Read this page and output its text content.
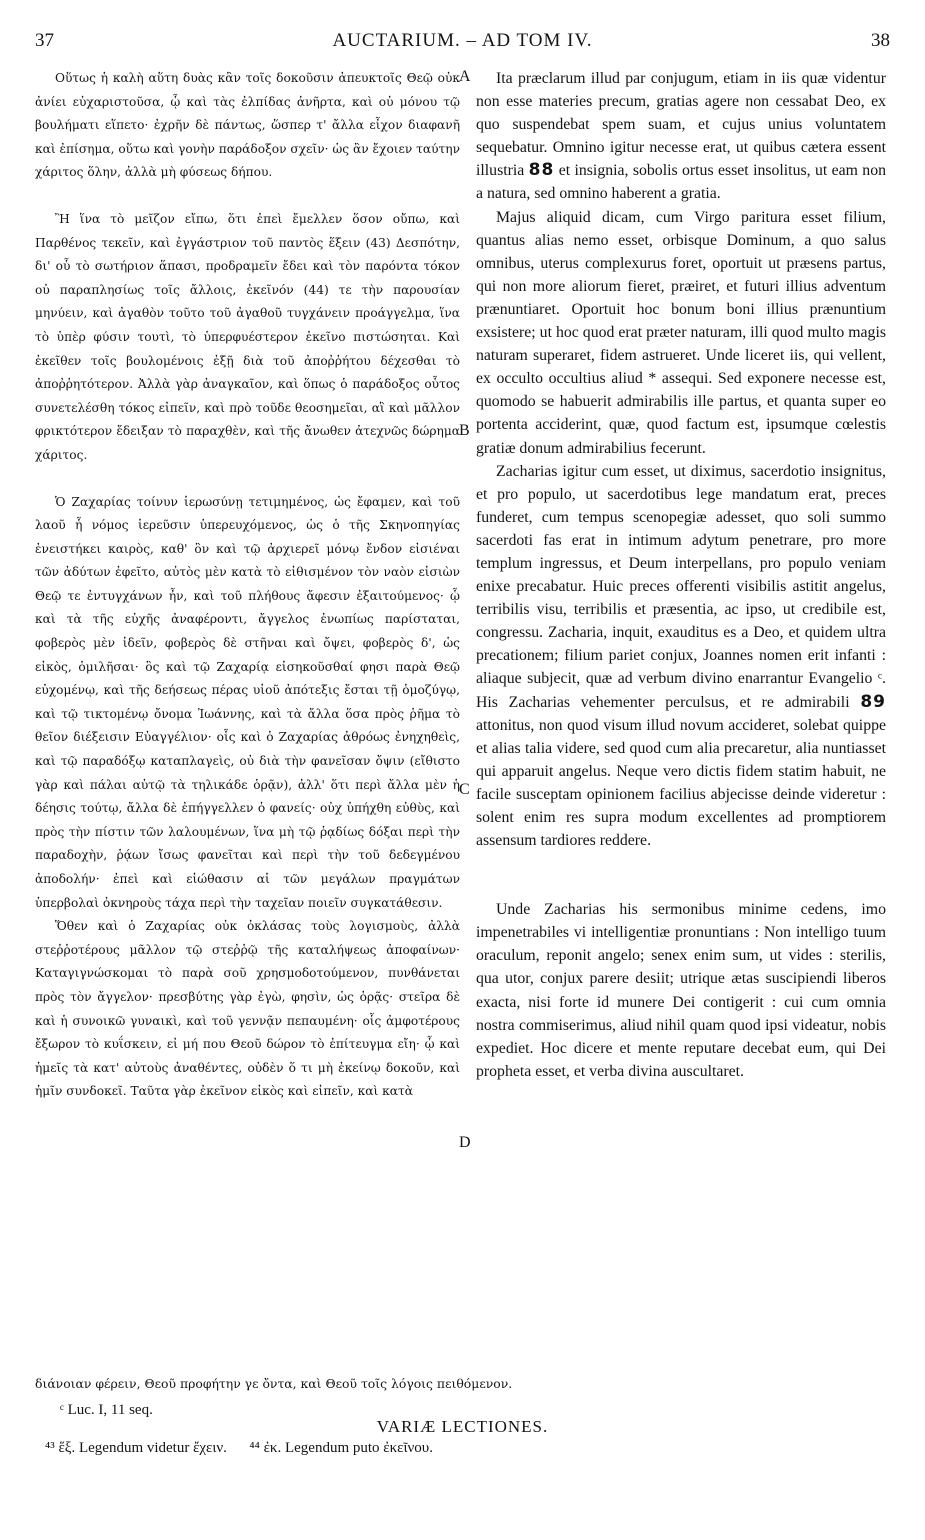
37	AUCTARIUM. – AD TOM IV.	38

Οὕτως ἡ καλὴ αὕτη δυὰς κἂν τοῖς δοκοῦσιν ἀπευκτοῖς Θεῷ οὐκ ἀνίει εὐχαριστοῦσα, ᾧ καὶ τὰς ἐλπίδας ἀνῆρτα, καὶ οὐ μόνου τῷ βουλήματι εἵπετο· ἐχρῆν δὲ πάντως, ὥσπερ τ' ἄλλα εἶχον διαφανῆ καὶ ἐπίσημα, οὕτω καὶ γονὴν παράδοξον σχεῖν· ὡς ἂν ἔχοιεν ταύτην χάριτος ὅλην, ἀλλὰ μὴ φύσεως δήπου.

Ἢ ἵνα τὸ μεῖζον εἴπω, ὅτι ἐπεὶ ἔμελλεν ὅσον οὔπω, καὶ Παρθένος τεκεῖν, καὶ ἐγγάστριον τοῦ παντὸς ἕξειν (43) Δεσπότην, δι' οὗ τὸ σωτήριον ἅπασι, προδραμεῖν ἔδει καὶ τὸν παρόντα τόκον οὐ παραπλησίως τοῖς ἄλλοις, ἐκεῖνόν (44) τε τὴν παρουσίαν μηνύειν, καὶ ἀγαθὸν τοῦτο τοῦ ἀγαθοῦ τυγχάνειν προάγγελμα, ἵνα τὸ ὑπὲρ φύσιν τουτὶ, τὸ ὑπερφυέστερον ἐκεῖνο πιστώσηται. Καὶ ἐκεῖθεν τοῖς βουλομένοις ἐξῇ διὰ τοῦ ἀποῤῥήτου δέχεσθαι τὸ ἀποῤῥητότερον. Ἀλλὰ γὰρ ἀναγκαῖον, καὶ ὅπως ὁ παράδοξος οὗτος συνετελέσθη τόκος εἰπεῖν, καὶ πρὸ τοῦδε θεοσημεῖαι, αἳ καὶ μᾶλλον φρικτότερον ἔδειξαν τὸ παραχθὲν, καὶ τῆς ἄνωθεν ἀτεχνῶς δώρημα χάριτος.

Ὁ Ζαχαρίας τοίνυν ἱερωσύνῃ τετιμημένος, ὡς ἔφαμεν, καὶ τοῦ λαοῦ ἧ νόμος ἱερεῦσιν ὑπερευχόμενος, ὡς ὁ τῆς Σκηνοπηγίας ἐνειστήκει καιρὸς, καθ' ὃν καὶ τῷ ἀρχιερεῖ μόνῳ ἔνδον εἰσιέναι τῶν ἀδύτων ἐφεῖτο, αὐτὸς μὲν κατὰ τὸ εἰθισμένον τὸν ναὸν εἰσιὼν Θεῷ τε ἐντυγχάνων ἦν, καὶ τοῦ πλήθους ἄφεσιν ἐξαιτούμενος· ᾧ καὶ τὰ τῆς εὐχῆς ἀναφέροντι, ἄγγελος ἐνωπίως παρίσταται, φοβερὸς μὲν ἰδεῖν, φοβερὸς δὲ στῆναι καὶ ὄψει, φοβερὸς δ', ὡς εἰκὸς, ὁμιλῆσαι· ὃς καὶ τῷ Ζαχαρίᾳ εἰσηκοῦσθαί φησι παρὰ Θεῷ εὐχομένῳ, καὶ τῆς δεήσεως πέρας υἱοῦ ἀπότεξις ἔσται τῇ ὁμοζύγῳ, καὶ τῷ τικτομένῳ ὄνομα Ἰωάννης, καὶ τὰ ἄλλα ὅσα πρὸς ῥῆμα τὸ θεῖον διέξεισιν Εὐαγγέλιον· οἷς καὶ ὁ Ζαχαρίας ἀθρόως ἐνηχηθεὶς, καὶ τῷ παραδόξῳ καταπλαγεὶς, οὐ διὰ τὴν φανεῖσαν ὄψιν (εἴθιστο γὰρ καὶ πάλαι αὐτῷ τὰ τηλικάδε ὁρᾷν), ἀλλ' ὅτι περὶ ἄλλα μὲν ἡ δέησις τούτῳ, ἄλλα δὲ ἐπήγγελλεν ὁ φανείς· οὐχ ὑπήχθη εὐθὺς, καὶ πρὸς τὴν πίστιν τῶν λαλουμένων, ἵνα μὴ τῷ ῥᾳδίως δόξαι περὶ τὴν παραδοχὴν, ῥᾴων ἴσως φανεῖται καὶ περὶ τὴν τοῦ δεδεγμένου ἀποδολήν· ἐπεὶ καὶ εἰώθασιν αἱ τῶν μεγάλων πραγμάτων ὑπερβολαὶ ὀκνηροὺς τάχα περὶ τὴν ταχεῖαν ποιεῖν συγκατάθεσιν.

Ὅθεν καὶ ὁ Ζαχαρίας οὐκ ὀκλάσας τοὺς λογισμοὺς, ἀλλὰ στεῤῥοτέρους μᾶλλον τῷ στεῤῥῷ τῆς καταλήψεως ἀποφαίνων· Καταγιγνώσκομαι τὸ παρὰ σοῦ χρησμοδοτούμενον, πυνθάνεται πρὸς τὸν ἄγγελον· πρεσβύτης γὰρ ἐγὼ, φησὶν, ὡς ὁρᾷς· στεῖρα δὲ καὶ ἡ συνοικῶ γυναικὶ, καὶ τοῦ γεννᾷν πεπαυμένη· οἷς ἀμφοτέρους ἔξωρον τὸ κυΐσκειν, εἰ μή που Θεοῦ δώρον τὸ ἐπίτευγμα εἴη· ᾧ καὶ ἡμεῖς τὰ κατ' αὐτοὺς ἀναθέντες, οὐδὲν ὅ τι μὴ ἐκείνῳ δοκοῦν, καὶ ἡμῖν συνδοκεῖ. Ταῦτα γὰρ ἐκεῖνον εἰκὸς καὶ εἰπεῖν, καὶ κατὰ

A
B
C
D

Ita præclarum illud par conjugum, etiam in iis quæ videntur non esse materies precum, gratias agere non cessabat Deo, ex quo suspendebat spem suam, et cujus unius voluntatem sequebatur. Omnino igitur necesse erat, ut quibus cætera essent illustria 88 et insignia, sobolis ortus esset insolitus, ut eam non a natura, sed omnino haberent a gratia.

Majus aliquid dicam, cum Virgo paritura esset filium, quantus alias nemo esset, orbisque Dominum, a quo salus omnibus, uterus complexurus foret, oportuit ut præsens partus, qui non more aliorum fieret, præiret, et futuri illius adventum prænuntiaret. Oportuit hoc bonum boni illius prænuntium exsistere; ut hoc quod erat præter naturam, illi quod multo magis naturam superaret, fidem astrueret. Unde liceret iis, qui vellent, ex occulto occultius aliud * assequi. Sed exponere necesse est, quomodo se habuerit admirabilis ille partus, et quanta super eo portenta acciderint, quæ, quod factum est, ipsumque cœlestis gratiæ donum admirabilius fecerunt.

Zacharias igitur cum esset, ut diximus, sacerdotio insignitus, et pro populo, ut sacerdotibus lege mandatum erat, preces funderet, cum tempus scenopegiæ adesset, quo soli summo sacerdoti fas erat in intimum adytum penetrare, pro more templum ingressus, et Deum interpellans, pro populo veniam enixe precabatur. Huic preces offerenti visibilis astitit angelus, terribilis visu, terribilis et præsentia, ac ipso, ut credibile est, congressu. Zacharia, inquit, exauditus es a Deo, et quidem ultra precationem; filium pariet conjux, Joannes nomen erit infanti : aliaque subjecit, quæ ad verbum divino enarrantur Evangelio ᶜ. His Zacharias vehementer perculsus, et re admirabili 89 attonitus, non quod visum illud novum accideret, solebat quippe et alias talia videre, sed quod cum alia precaretur, alia nuntiasset qui apparuit angelus. Neque vero dictis fidem statim habuit, ne facile susceptam opinionem facilius abjecisse deinde videretur : solent enim res supra modum excellentes ad promptiorem assensum tardiores reddere.

Unde Zacharias his sermonibus minime cedens, imo impenetrabiles vi intelligentiæ pronuntians : Non intelligo tuum oraculum, reponit angelo; senex enim sum, ut vides : sterilis, qua utor, conjux parere desiit; utrique ætas suscipiendi liberos exacta, nisi forte id munere Dei contigerit : cui cum omnia nostra commiserimus, aliud nihil quam quod ipsi videatur, nobis expediet. Hoc dicere et mente reputare decebat eum, qui Dei propheta esset, et verba divina auscultaret.

διάνοιαν φέρειν, Θεοῦ προφήτην γε ὄντα, καὶ Θεοῦ τοῖς λόγοις πειθόμενον.
ᶜ Luc. I, 11 seq.
VARIÆ LECTIONES.
⁴³ ἕξ. Legendum videtur ἔχειν. ⁴⁴ ἐκ. Legendum puto ἐκεῖνου.
